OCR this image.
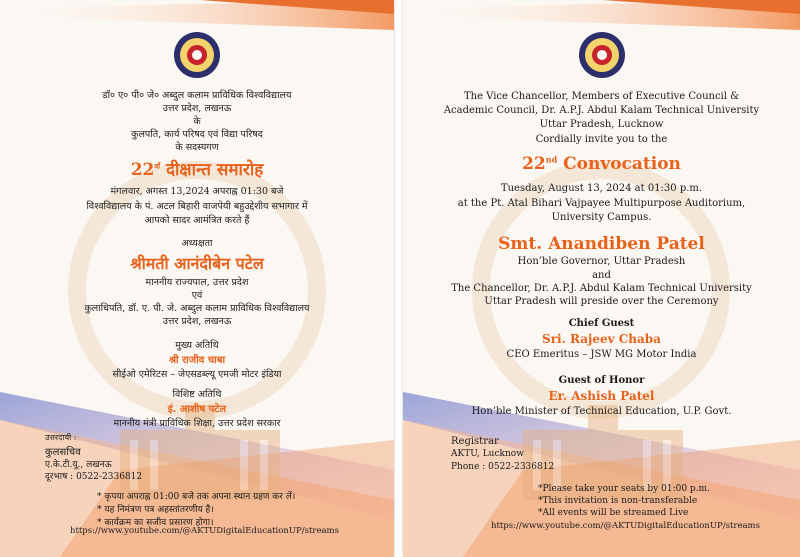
डॉ० ए० पी० जे० अब्दुल कलाम प्राविधिक विश्वविद्यालय
उत्तर प्रदेश, लखनऊ
के
कुलपति, कार्य परिषद एवं विद्या परिषद
के सदस्यगण
$22^{वाँ}$ दीक्षान्त समारोह
मंगलवार, अगस्त 13,2024 अपराह्न 01:30 बजे
विश्वविद्यालय के पं. अटल बिहारी वाजपेयी बहुउद्देशीय सभागार में
आपको सादर आमंत्रित करते हैं
अध्यक्षता
श्रीमती आनंदीबेन पटेल
माननीय राज्यपाल, उत्तर प्रदेश
एवं
कुलाधिपति, डॉ. ए. पी. जे. अब्दुल कलाम प्राविधिक विश्वविद्यालय
उत्तर प्रदेश, लखनऊ
मुख्य अतिथि
श्री राजीव चाबा
सीईओ एमेरिटस – जेएसडब्ल्यू एमजी मोटर इंडिया
विशिष्ट अतिथि
इं. आशीष पटेल
माननीय मंत्री प्राविधिक शिक्षा, उत्तर प्रदेश सरकार
उत्तरदायी :
कुलसचिव
ए.के.टी.यू., लखनऊ
दूरभाष : 0522-2336812
* कृपया अपराह्न 01:00 बजे तक अपना स्थान ग्रहण कर लें।
* यह निमंत्रण पत्र अहस्तांतरणीय है।
* कार्यक्रम का सजीव प्रसारण होगा।
https://www.youtube.com/@AKTUDigitalEducationUP/streams
The Vice Chancellor, Members of Executive Council &
Academic Council, Dr. A.P.J. Abdul Kalam Technical University
Uttar Pradesh, Lucknow
Cordially invite you to the
22nd Convocation
Tuesday, August 13, 2024 at 01:30 p.m.
at the Pt. Atal Bihari Vajpayee Multipurpose Auditorium,
University Campus.
Smt. Anandiben Patel
Hon’ble Governor, Uttar Pradesh
and
The Chancellor, Dr. A.P.J. Abdul Kalam Technical University
Uttar Pradesh will preside over the Ceremony
Chief Guest
Sri. Rajeev Chaba
CEO Emeritus – JSW MG Motor India
Guest of Honor
Er. Ashish Patel
Hon’ble Minister of Technical Education, U.P. Govt.
Registrar
AKTU, Lucknow
Phone : 0522-2336812
*Please take your seats by 01:00 p.m.
*This invitation is non-transferable
*All events will be streamed Live
https://www.youtube.com/@AKTUDigitalEducationUP/streams
